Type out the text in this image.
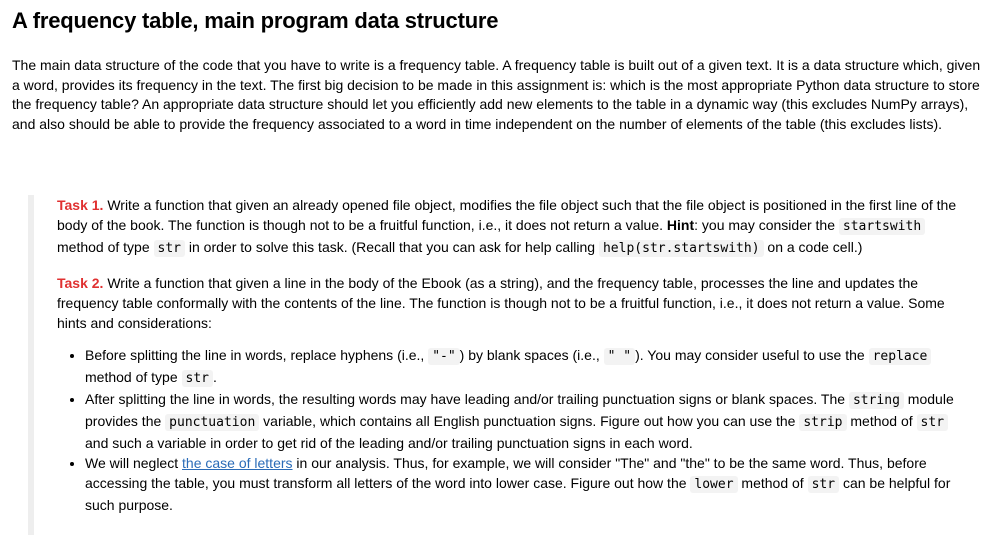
A frequency table, main program data structure

The main data structure of the code that you have to write is a frequency table. A frequency table is built out of a given text. It is a data structure which, given a word, provides its frequency in the text. The first big decision to be made in this assignment is: which is the most appropriate Python data structure to store the frequency table? An appropriate data structure should let you efficiently add new elements to the table in a dynamic way (this excludes NumPy arrays), and also should be able to provide the frequency associated to a word in time independent on the number of elements of the table (this excludes lists).

Task 1. Write a function that given an already opened file object, modifies the file object such that the file object is positioned in the first line of the body of the book. The function is though not to be a fruitful function, i.e., it does not return a value. Hint: you may consider the startswith method of type str in order to solve this task. (Recall that you can ask for help calling help(str.startswith) on a code cell.)

Task 2. Write a function that given a line in the body of the Ebook (as a string), and the frequency table, processes the line and updates the frequency table conformally with the contents of the line. The function is though not to be a fruitful function, i.e., it does not return a value. Some hints and considerations:

• Before splitting the line in words, replace hyphens (i.e., "-" ) by blank spaces (i.e., " " ). You may consider useful to use the replace method of type str .
• After splitting the line in words, the resulting words may have leading and/or trailing punctuation signs or blank spaces. The string module provides the punctuation variable, which contains all English punctuation signs. Figure out how you can use the strip method of str and such a variable in order to get rid of the leading and/or trailing punctuation signs in each word.
• We will neglect the case of letters in our analysis. Thus, for example, we will consider "The" and "the" to be the same word. Thus, before accessing the table, you must transform all letters of the word into lower case. Figure out how the lower method of str can be helpful for such purpose.
